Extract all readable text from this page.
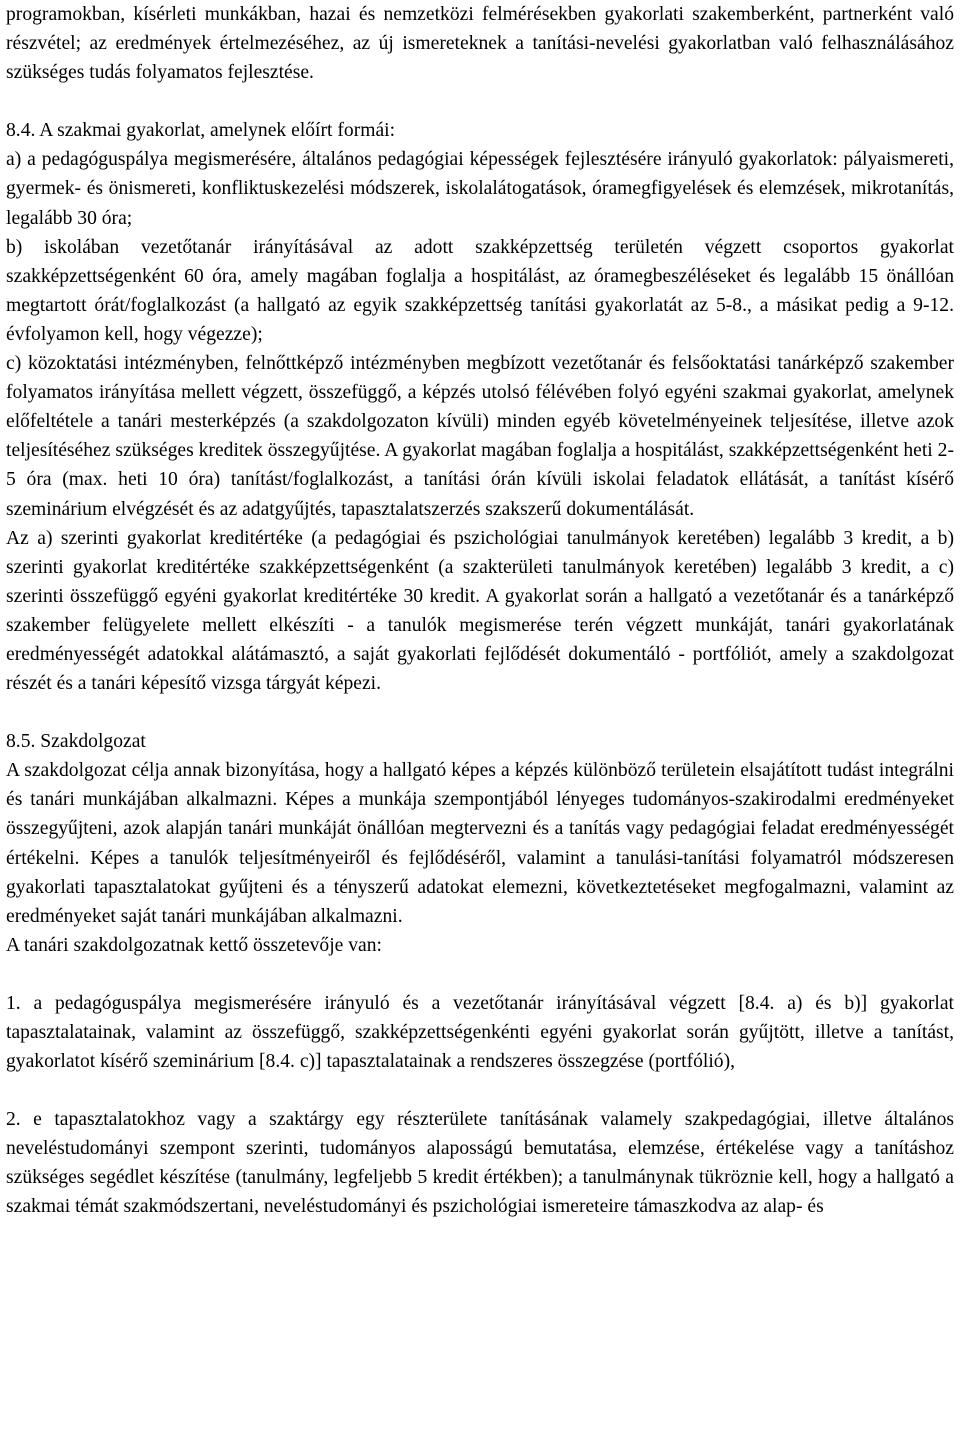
programokban, kísérleti munkákban, hazai és nemzetközi felmérésekben gyakorlati szakemberként, partnerként való részvétel; az eredmények értelmezéséhez, az új ismereteknek a tanítási-nevelési gyakorlatban való felhasználásához szükséges tudás folyamatos fejlesztése.

8.4. A szakmai gyakorlat, amelynek előírt formái:

a) a pedagóguspálya megismerésére, általános pedagógiai képességek fejlesztésére irányuló gyakorlatok: pályaismereti, gyermek- és önismereti, konfliktuskezelési módszerek, iskolalátogatások, óramegfigyelések és elemzések, mikrotanítás, legalább 30 óra;

b) iskolában vezetőtanár irányításával az adott szakképzettség területén végzett csoportos gyakorlat szakképzettségenként 60 óra, amely magában foglalja a hospitálást, az óramegbeszéléseket és legalább 15 önállóan megtartott órát/foglalkozást (a hallgató az egyik szakképzettség tanítási gyakorlatát az 5-8., a másikat pedig a 9-12. évfolyamon kell, hogy végezze);

c) közoktatási intézményben, felnőttképző intézményben megbízott vezetőtanár és felsőoktatási tanárképző szakember folyamatos irányítása mellett végzett, összefüggő, a képzés utolsó félévében folyó egyéni szakmai gyakorlat, amelynek előfeltétele a tanári mesterképzés (a szakdolgozaton kívüli) minden egyéb követelményeinek teljesítése, illetve azok teljesítéséhez szükséges kreditek összegyűjtése. A gyakorlat magában foglalja a hospitálást, szakképzettségenként heti 2-5 óra (max. heti 10 óra) tanítást/foglalkozást, a tanítási órán kívüli iskolai feladatok ellátását, a tanítást kísérő szeminárium elvégzését és az adatgyűjtés, tapasztalatszerzés szakszerű dokumentálását.

Az a) szerinti gyakorlat kreditértéke (a pedagógiai és pszichológiai tanulmányok keretében) legalább 3 kredit, a b) szerinti gyakorlat kreditértéke szakképzettségenként (a szakterületi tanulmányok keretében) legalább 3 kredit, a c) szerinti összefüggő egyéni gyakorlat kreditértéke 30 kredit. A gyakorlat során a hallgató a vezetőtanár és a tanárképző szakember felügyelete mellett elkészíti - a tanulók megismerése terén végzett munkáját, tanári gyakorlatának eredményességét adatokkal alátámasztó, a saját gyakorlati fejlődését dokumentáló - portfóliót, amely a szakdolgozat részét és a tanári képesítő vizsga tárgyát képezi.

8.5. Szakdolgozat

A szakdolgozat célja annak bizonyítása, hogy a hallgató képes a képzés különböző területein elsajátított tudást integrálni és tanári munkájában alkalmazni. Képes a munkája szempontjából lényeges tudományos-szakirodalmi eredményeket összegyűjteni, azok alapján tanári munkáját önállóan megtervezni és a tanítás vagy pedagógiai feladat eredményességét értékelni. Képes a tanulók teljesítményeiről és fejlődéséről, valamint a tanulási-tanítási folyamatról módszeresen gyakorlati tapasztalatokat gyűjteni és a tényszerű adatokat elemezni, következtetéseket megfogalmazni, valamint az eredményeket saját tanári munkájában alkalmazni.

A tanári szakdolgozatnak kettő összetevője van:

1. a pedagóguspálya megismerésére irányuló és a vezetőtanár irányításával végzett [8.4. a) és b)] gyakorlat tapasztalatainak, valamint az összefüggő, szakképzettségenkénti egyéni gyakorlat során gyűjtött, illetve a tanítást, gyakorlatot kísérő szeminárium [8.4. c)] tapasztalatainak a rendszeres összegzése (portfólió),

2. e tapasztalatokhoz vagy a szaktárgy egy részterülete tanításának valamely szakpedagógiai, illetve általános neveléstudományi szempont szerinti, tudományos alaposságú bemutatása, elemzése, értékelése vagy a tanításhoz szükséges segédlet készítése (tanulmány, legfeljebb 5 kredit értékben); a tanulmánynak tükröznie kell, hogy a hallgató a szakmai témát szakmódszertani, neveléstudományi és pszichológiai ismereteire támaszkodva az alap- és
